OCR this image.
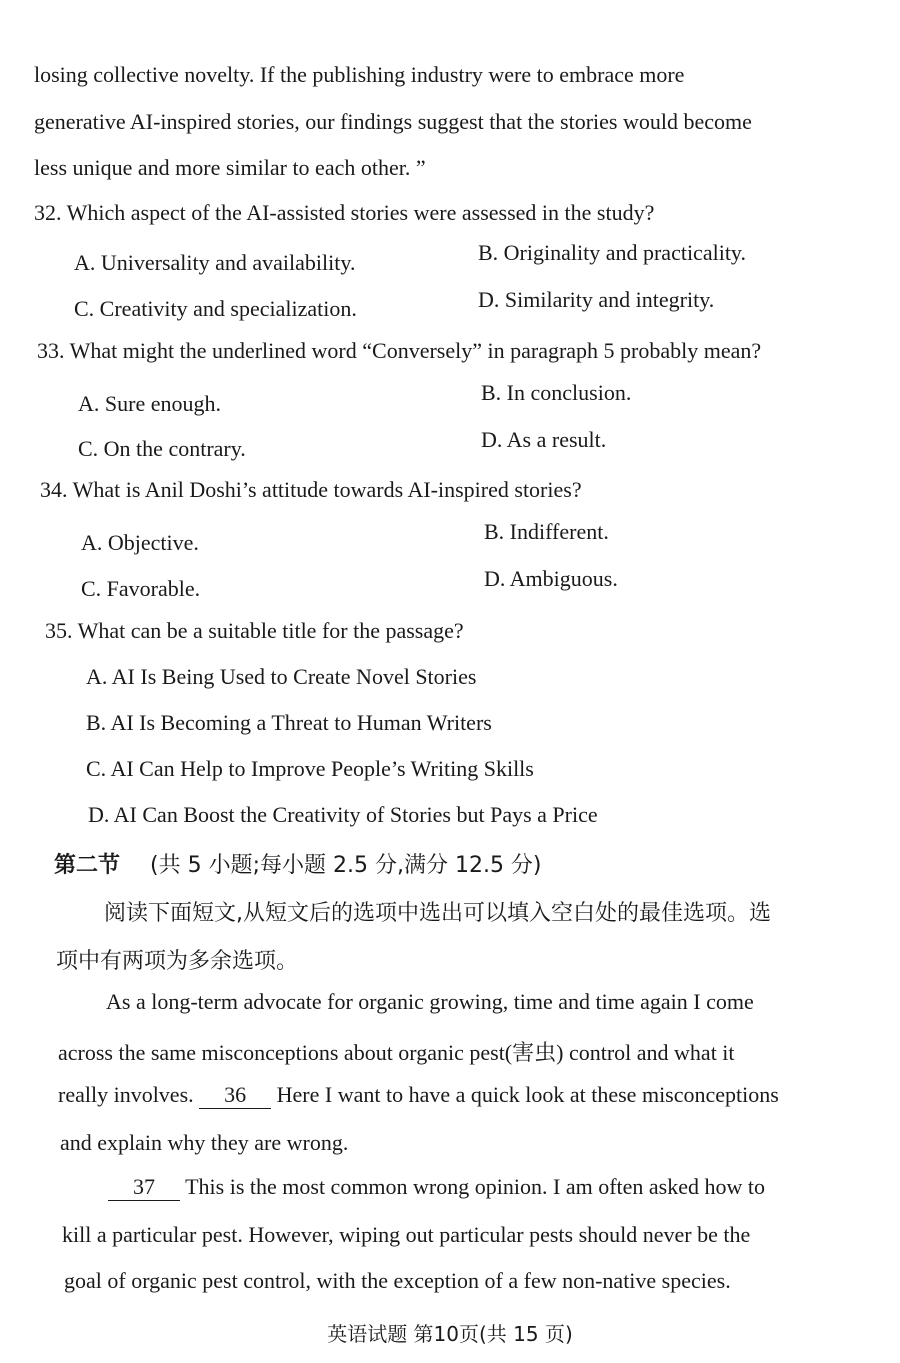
losing collective novelty. If the publishing industry were to embrace more
generative AI-inspired stories, our findings suggest that the stories would become
less unique and more similar to each other. ”
32. Which aspect of the AI-assisted stories were assessed in the study?
A. Universality and availability.	B. Originality and practicality.
C. Creativity and specialization.	D. Similarity and integrity.
33. What might the underlined word “Conversely” in paragraph 5 probably mean?
A. Sure enough.	B. In conclusion.
C. On the contrary.	D. As a result.
34. What is Anil Doshi’s attitude towards AI-inspired stories?
A. Objective.	B. Indifferent.
C. Favorable.	D. Ambiguous.
35. What can be a suitable title for the passage?
A. AI Is Being Used to Create Novel Stories
B. AI Is Becoming a Threat to Human Writers
C. AI Can Help to Improve People’s Writing Skills
D. AI Can Boost the Creativity of Stories but Pays a Price
第二节 (共 5 小题;每小题 2.5 分,满分 12.5 分)
阅读下面短文,从短文后的选项中选出可以填入空白处的最佳选项。选
项中有两项为多余选项。
As a long-term advocate for organic growing, time and time again I come
across the same misconceptions about organic pest(害虫) control and what it
really involves. 36 Here I want to have a quick look at these misconceptions
and explain why they are wrong.
37 This is the most common wrong opinion. I am often asked how to
kill a particular pest. However, wiping out particular pests should never be the
goal of organic pest control, with the exception of a few non-native species.
英语试题 第10页(共 15 页)
